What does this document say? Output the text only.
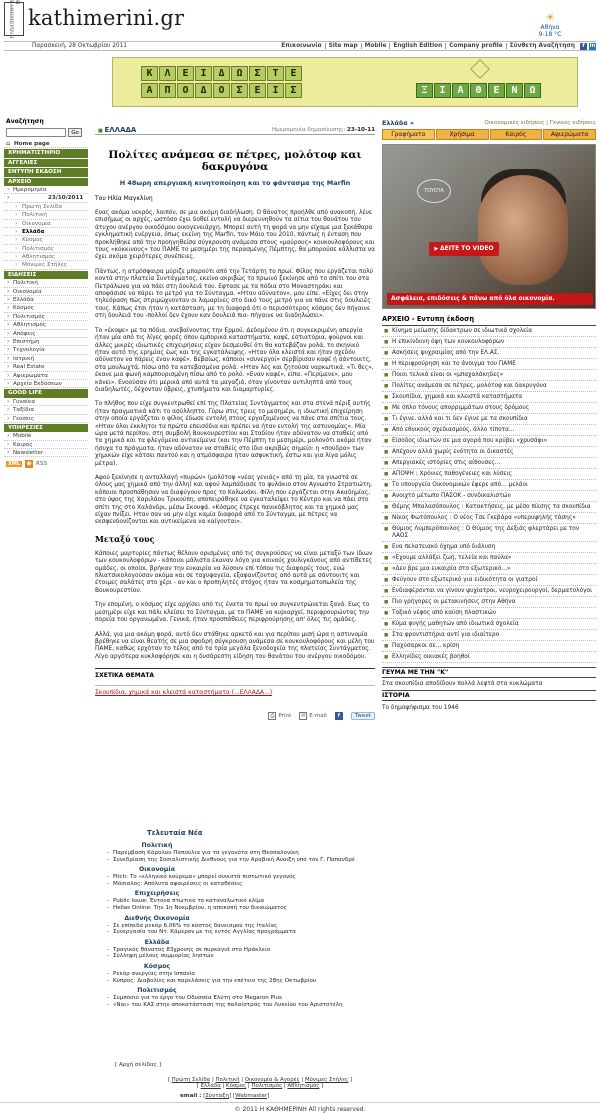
Η ΚΑΘΗΜΕΡΙΝΗ kathimerini.gr	☀
Αθήνα
9-18 °C
Παρασκευή, 28 Οκτωβρίου 2011	Επικοινωνία	Site map	Mobile	English Edition	Company profile	Σύνθετη Αναζήτηση	f in
Κ	Λ	Ε	Ι	Δ	Ω	Σ	Τ	Ε
Α	Π	Ο	Δ	Ο	Σ	Ε	Ι	Σ	Ξ	Ι	Α	Θ	Ε	Ν	Ω
Αναζήτηση
Go
⌂ Home page
ΧΡΗΜΑΤΙΣΤΗΡΙΟ
ΑΓΓΕΛΙΕΣ
ΕΝΤΥΠΗ ΕΚΔΟΣΗ
ΑΡΧΕΙΟ
› Ημερομηνία
› 23/10/2011
› Πρώτη Σελίδα
› Πολιτική
› Οικονομία
› Ελλάδα
› Κόσμος
› Πολιτισμός
› Αθλητισμός
› Μόνιμες Στήλες
ΕΙΔΗΣΕΙΣ
› Πολιτική
› Οικονομία
› Ελλάδα
› Κόσμος
› Πολιτισμός
› Αθλητισμός
› Απόψεις
› Επιστήμη
› Τεχνολογία
› Ιατρική
› Real Estate
› Αφιερώματα
› Αρχείο Εκδόσεων
GOOD LIFE
› Γυναίκα
› Ταξίδια
› Γεύσεις
ΥΠΗΡΕΣΙΕΣ
› Mobile
› Καιρός
› Newsletter
XML	◉ RSS
■ ΕΛΛΑΔΑ	Ημερομηνία δημοσίευσης: 23-10-11
Πολίτες ανάμεσα σε πέτρες, μολότοφ και δακρυγόνα
Η 48ωρη απεργιακή κινητοποίηση και το φάντασμα της Marfin
Του Ηλία Μαγκλίνη

Ενας ακόμα νεκρός, λοιπόν, σε μια ακόμη διαδήλωση. Ο θάνατος προήλθε από ανακοπή, λένε επισήμως οι αρχές, ωστόσο έχει δοθεί εντολή να διερευνηθούν τα αίτια του θανάτου του άτυχου ανέργου οικοδόμου οικογενειάρχη. Μπορεί αυτή τη φορά να μην είχαμε μια ξεκάθαρα εγκληματική ενέργεια, όπως εκείνη της Marfin, τον Μάιο του 2010, πάντως η ένταση που προκλήθηκε από την προηγηθείσα σύγκρουση ανάμεσα στους «μαύρους» κουκουλοφόρους και τους «κόκκινους» του ΠΑΜΕ το μεσημέρι της περασμένης Πέμπτης, θα μπορούσε κάλλιστα να έχει ακόμα χειρότερες συνέπειες.

Πάντως, η ατμόσφαιρα μύριζε μπαρούτι από την Τετάρτη το πρωί. Φίλος που εργάζεται πολύ κοντά στην πλατεία Συντάγματος, εκείνο ακριβώς το πρωινό ξεκίνησε από το σπίτι του στα Πετράλωνα για να πάει στη δουλειά του. Εφτασε με τα πόδια στο Μοναστηράκι και αποφάσισε να πάρει το μετρό για το Σύνταγμα. «Ηταν αδύνατον», μου είπε. «Είχες δει στην τηλεόραση πώς στριμώχνονταν οι λαμαρίνες στο δικό τους μετρό για να πάνε στις δουλειές τους. Κάπως έτσι ήταν η κατάσταση, με τη διαφορά ότι ο περισσότερος κόσμος δεν πήγαινε στη δουλειά του -πολλοί δεν έχουν καν δουλειά πια- πήγαινε να διαδηλώσει».

Το «έκοψε» με τα πόδια, ανεβαίνοντας την Ερμού. Δεδομένου ότι η συγκεκριμένη απεργία ήταν μία από τις λίγες φορές όπου εμπορικά καταστήματα, καφέ, εστιατόρια, φούρνοι και άλλες μικρές ιδιωτικές επιχειρήσεις είχαν δεσμευθεί ότι θα κατεβάζαν ρολά, το σκηνικό ήταν αυτό της ερημίας έως και της εγκατάλειψης. «Ηταν όλα κλειστά και ήταν σχεδόν αδύνατον να πάρεις έναν καφέ». Βεβαίως, κάποιοι «συνεργοί» σερβίρισαν καφέ ή σάντουιτς, στα μουλωχτά, πίσω από τα κατεβασμένα ρολά. «Ηταν λες και ζητούσα ναρκωτικά. «Τι θες», έκανε μια φωνή καμπουρισμένη πίσω από το ρολό. «Εναν καφέ», είπα. «Περίμενε», μου κάνει». Ενοούσαν ότι μερικά από αυτά τα μαγαζιά, όταν γίνονταν αντιληπτά από τους διαδηλωτές, δέχονταν ύβρεις, χτυπήματα και διαμαρτυρίες.

Το πλήθος που είχε συγκεντρωθεί επί της Πλατείας Συντάγματος και στα στενά πέριξ αυτής ήταν πραγματικά κάτι το ασύλληπτο. Γύρω στις τρεις το μεσημέρι, η ιδιωτική επιχείρηση στην οποία εργάζεται ο φίλος έδωσε εντολή στους εργαζομένους να πάνε στα σπίτια τους. «Ηταν όλοι έκκλητοι τα πρώτα επεισόδια και πρέπει να ήταν εντολή της αστυνομίας». Μία ώρα μετά περίπου, στη συμβολή Βουκουρεστίου και Σταδίου ήταν αδύνατον να σταθείς από τα χημικά και τα φλεγόμενα αντικείμενα (και την Πέμπτη το μεσημέρι, μολονότι ακόμα ήταν ήσυχα τα πράγματα, ήταν αδύνατον να σταθείς στο ίδιο ακριβώς σημείο: η «πούδρα» των χημικών είχε κάτσει παντού και η ατμόσφαιρα ήταν ασφυκτική, έστω και για λίγα μόλις μέτρα).

Αφού ξεκίνησε η ανταλλαγή «πυρών» (μολότοφ «νέας γενιάς» από τη μία, τα γνωστά σε όλους μας χημικά από την άλλη) και αφού λαμπάδιασε το φυλάκιο στον Αγνωστο Στρατιώτη, κάποιοι προσπάθησαν να διαφύγουν προς το Κολωνάκι. Φίλη που εργάζεται στην Ακαδημίας, στο ύψος της Χαριλάου Τρικούπη, αποπειράθηκε να εγκαταλείψει το Κέντρο και να πάει στο σπίτι της στο Χαλάνδρι, μέσω Σκουφά. «Κόσμος έτρεχε πανικόβλητος και τα χημικά μας είχαν πνίξει. Ηταν σαν να μην είχε καμία διαφορά από το Σύνταγμα, με πέτρες να εκσφενδονίζονται και αντικείμενα να καίγονται».

Μεταξύ τους

Κάποιες μαρτυρίες πάντως θέλουν ορισμένες από τις συγκρούσεις να είναι μεταξύ των ίδιων των κουκουλοφόρων - κάποιοι μάλιστα έκαναν λόγο για κοινούς χουλιγκάνους από αντίθετες ομάδες, οι οποίοι, βρήκαν την ευκαιρία να λύσουν επί τόπου τις διαφορές τους, ενώ πλιατσικολογούσαν ακόμα και σε ταχυφαγεία, εξαφανίζοντας από αυτά με σάντουιτς και έτοιμες σαλάτες στο χέρι - αν και ο προπηλητές στόχος ήταν τα κοσμηματοπωλεία της Βουκουρεστίου.

Την επομένη, ο κόσμος είχε αρχίσει από τις ένατα το πρωί να συγκεντρώνεται ξανά. Εως το μεσημέρι είχε και πάλι κλείσει το Σύνταγμα, με το ΠΑΜΕ να κυριαρχεί, περιφρουρώντας την πορεία του οργανωμένα. Γενικά, ήταν προσπάθειες περιφρούρησης απ' όλες τις ομάδες.

Αλλά, για μια ακόμη φορά, αυτό δεν στάθηκε αρκετό και για περίπου μισή ώρα η αστυνομία βρέθηκε να είναι θεατής σε μια σφοδρή σύγκρουση ανάμεσα σε κουκουλοφόρους και μέλη του ΠΑΜΕ, καθώς ερχόταν το τέλος από τα τρία μεγάλα ξενοδοχεία της πλατείας Συντάγματος. Λίγο αργότερα κυκλοφόρησε και η δυσάρεστη είδηση του θανάτου του ανέργου οικοδόμου.

ΣΧΕΤΙΚΑ ΘΕΜΑΤΑ
Σκουπίδια, χημικά και κλειστά καταστήματα (...ΕΛΛΑΔΑ...)
⎙ Print	✉ E-mail	f	Tweet
Τελευταία Νέα
Πολιτική
- Παρέμβαση Κάρολου Παπούλια για τα γεγονότα στη Θεσσαλονίκη
- Συνεδρίαση της Σοσιαλιστικής Διεθνούς για την Αραβική Ανοιξη υπό τον Γ. Παπανδρέ
Οικονομία
- Fitch: Το «ελληνικό κούρεμα» μπορεί συνιστά πιστωτικό γεγονός
- Μόσιαλος: Απόλυτα αφαιρέσεις οι καταθέσεις
Επιχειρήσεις
- Public Issue: Έντονα πτωτικό το καταναλωτικό κλίμα
- Hellas Online: Την 1η Νοεμβρίου, η αποκοπή του δικαιώματος
Διεθνής Οικονομία
- Σε επίπεδα ρεκόρ 6,06% το κόστος δανεισμού της Ιταλίας
- Συνεργασία του Ντ. Κάμερον με τις εντός Αγγλίας προγράμματα
Ελλάδα
- Τραγικός θάνατος 83χρονης σε πυρκαγιά στο Ηράκλειο
- Σύλληψη μέλους συμμορίας ληστών
Κόσμος
- Ρεκόρ ανεργίας στην Ισπανία
- Κύπρος: Διαβολίες και παρελάσεις για την επέτειο της 28ης Οκτωβρίου
Πολιτισμός
- Συμπόσιο για το έργο του Οδυσσέα Ελύτη στο Megaron Plus
- «Ναι» του ΚΑΣ στην αποκατάσταση της παλαίστρας του Λυκείου του Αριστοτέλη
[ Αρχή σελίδας ]
[ Πρώτη Σελίδα | Πολιτική | Οικονομία & Αγορές | Μόνιμες Στήλες ]
[ Ελλάδα | Κόσμος | Πολιτισμός | Αθλητισμός ]
email : [Σύνταξη] [Webmaster]
© 2011 Η ΚΑΘΗΜΕΡΙΝΗ All rights reserved.
Ελλάδα »	Οικονομικές ειδήσεις | Γενικές ειδήσεις
Γραφήματα	Χρήσιμα	Καιρός	Αφιερώματα
TOYOTA
▶ ΔΕΙΤΕ ΤΟ VIDEO
Ασφάλεια, επιδόσεις & πάνω από όλα οικονομία.
ΑΡΧΕΙΟ - Εντυπη έκδοση
■ Κίνημα μείωσης δίδακτρων σε ιδιωτικά σχολεία
■ Η επικίνδυνη όψη των κουκουλοφόρων
■ Ασκήσεις ψυχραιμίας από την ΕΛ.ΑΣ.
■ Η περιφρούρηση και το άνοιγμα του ΠΑΜΕ
■ Ποιοι τελικά είναι οι «μπαχαλάκηδες»
■ Πολίτες ανάμεσα σε πέτρες, μολότοφ και δακρυγόνα
■ Σκουπίδια, χημικά και κλειστά καταστήματα
■ Με όπλο τόνους απορριμμάτων στους δρόμους
■ Τι έγινε, αλλά και τι δεν έγινε με τα σκουπίδια
■ Από εθνικούς σχεδιασμούς, άλλο τίποτα...
■ Είσοδος ιδιωτών σε μια αγορά που κρύβει «χρυσάφι»
■ Απέχουν αλλά χωρίς ενότητα οι δικαστές
■ Απεργιακές ιστορίες στις αίθουσες...
■ ΑΠΟΨΗ : Χρόνιες παθογένειες και λύσεις
■ Το υπουργείο Οικονομικών έφερε από... μελάνι
■ Ανοιχτό μέτωπο ΠΑΣΟΚ - συνδικαλιστών
■ Θέμης Μπαλασόπουλος : Κατακτήσεις, με μέσο πίεσης τα σκουπίδια
■ Νίκος Φωτόπουλος : Ο νέος Τσε Γκεβάρα «υπερυψηλής τάσης»
■ Θύμιος Λυμπερόπουλος : Ο Θύμιος της Δεξιάς φλερτάρει με τον ΛΑΟΣ
■ Ενα πελατειακό όχημα υπό διάλυση
■ «Εχουμε αλλάξει ζωή, τελεία και παύλα»
■ «Δεν βρε μια ευκαιρία στο εξωτερικό...»
■ Φεύγουν στο εξωτερικό για ειδικότητα οι γιατροί
■ Ενδιαφέρονται να γίνουν ψυχίατροι, νευροχειρουργοί, δερματολόγοι
■ Πιο γρήγορες οι μετακινήσεις στην Αθήνα
■ Τοξικό νέφος από καύση πλαστικών
■ Κύμα φυγής μαθητών από ιδιωτικά σχολεία
■ Στα φροντιστήρια αντί για ιδιαίτερο
■ Παχύσαρκοι σε... κρίση
■ Ελληνίδες οικιακές βοηθοί
ΓΕΥΜΑ ΜΕ ΤΗΝ "Κ"
Στα σκουπίδια αποδίδουν πολλά λεφτά στα κυκλώματα
ΙΣΤΟΡΙΑ
Το δημοψήφισμα του 1946
